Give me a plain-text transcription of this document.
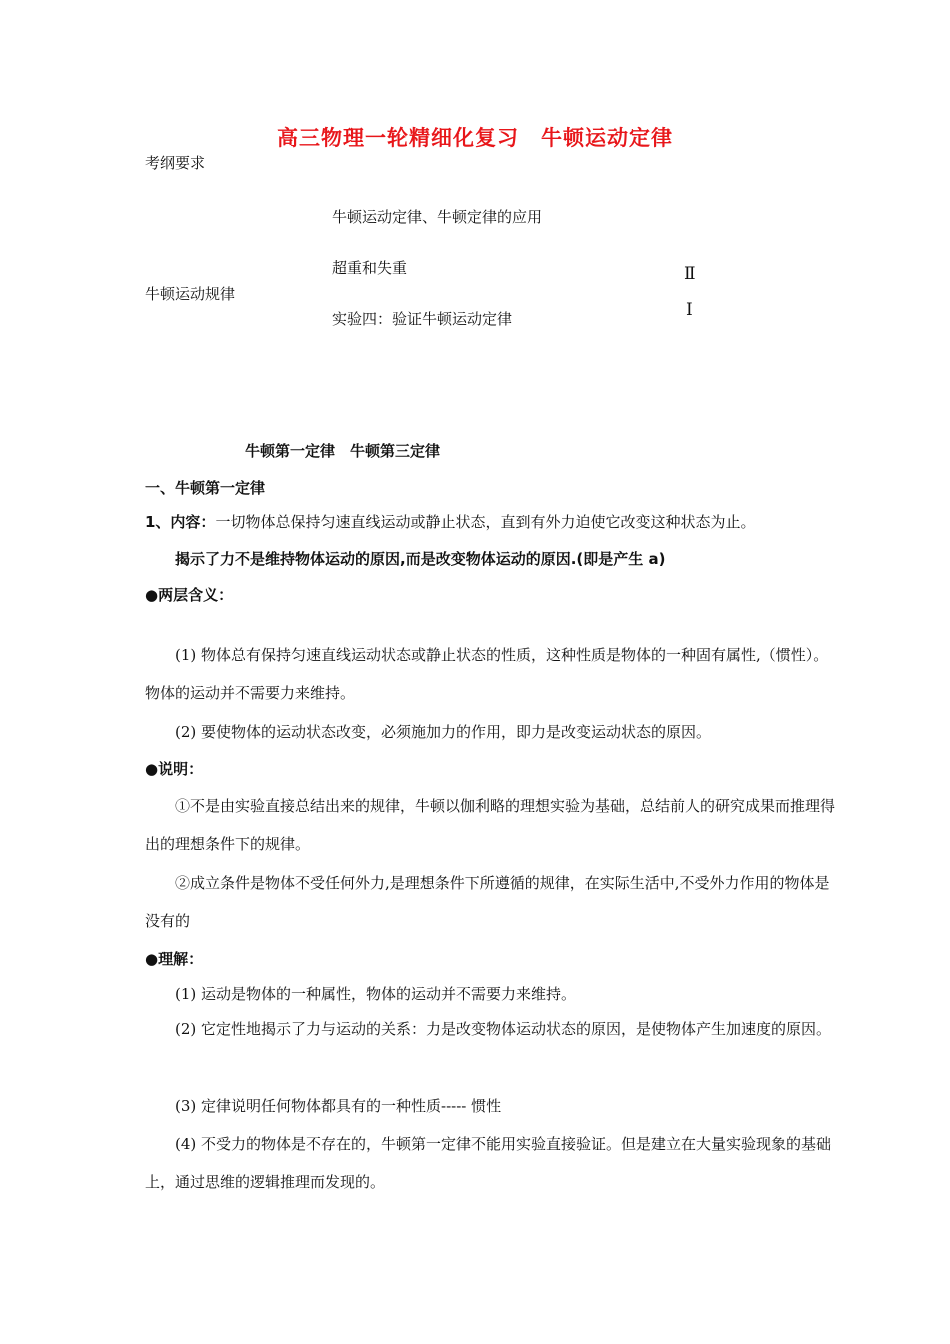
高三物理一轮精细化复习　牛顿运动定律
考纲要求
牛顿运动定律、牛顿定律的应用
超重和失重	Ⅱ
牛顿运动规律
Ⅰ
实验四：验证牛顿运动定律
牛顿第一定律　牛顿第三定律
一、牛顿第一定律
1、内容：一切物体总保持匀速直线运动或静止状态，直到有外力迫使它改变这种状态为止。
揭示了力不是维持物体运动的原因,而是改变物体运动的原因.(即是产生 a)
●两层含义：
(1) 物体总有保持匀速直线运动状态或静止状态的性质，这种性质是物体的一种固有属性,（惯性）。物体的运动并不需要力来维持。
(2) 要使物体的运动状态改变，必须施加力的作用，即力是改变运动状态的原因。
●说明：
①不是由实验直接总结出来的规律，牛顿以伽利略的理想实验为基础，总结前人的研究成果而推理得出的理想条件下的规律。
②成立条件是物体不受任何外力,是理想条件下所遵循的规律，在实际生活中,不受外力作用的物体是没有的
●理解：
(1) 运动是物体的一种属性，物体的运动并不需要力来维持。
(2) 它定性地揭示了力与运动的关系：力是改变物体运动状态的原因，是使物体产生加速度的原因。
(3) 定律说明任何物体都具有的一种性质----- 惯性
(4) 不受力的物体是不存在的，牛顿第一定律不能用实验直接验证。但是建立在大量实验现象的基础上，通过思维的逻辑推理而发现的。
